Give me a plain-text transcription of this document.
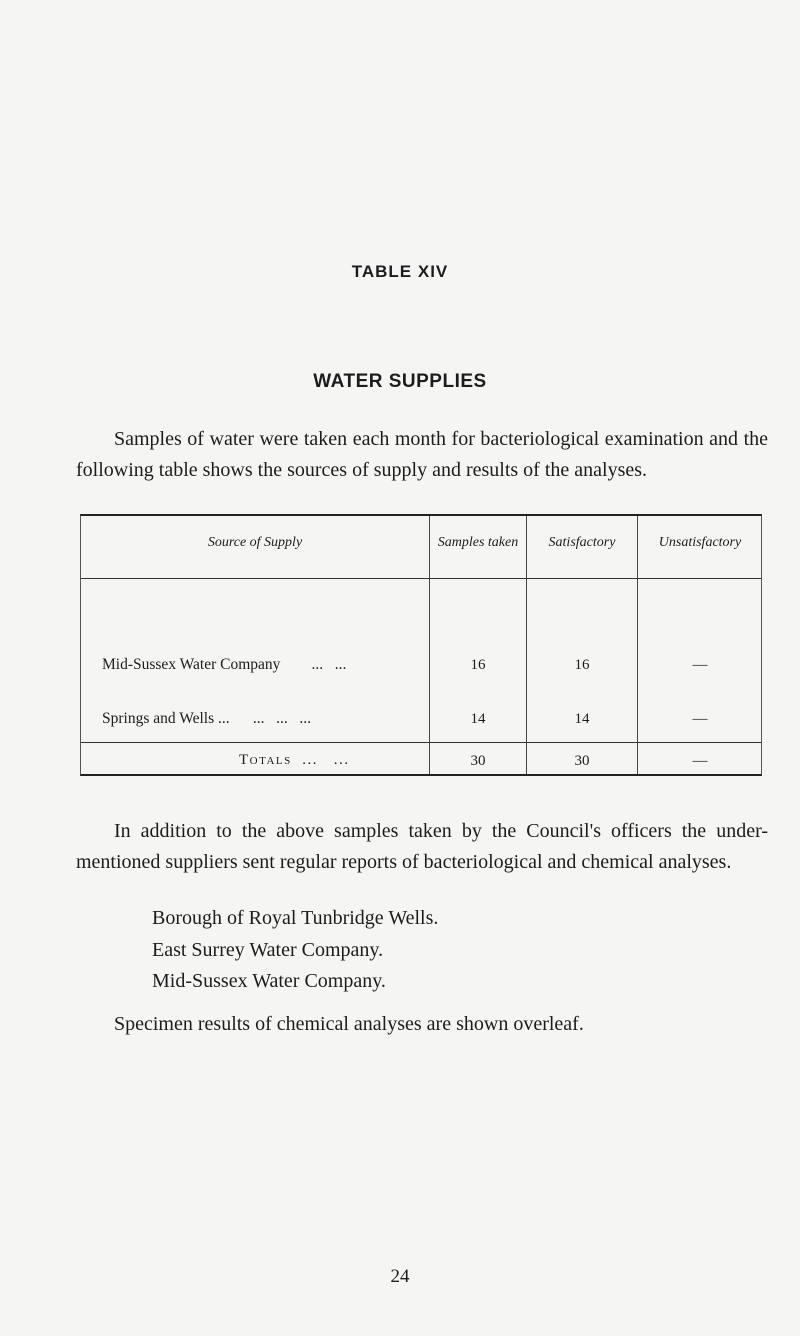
TABLE XIV
WATER SUPPLIES
Samples of water were taken each month for bacteriological examination and the following table shows the sources of supply and results of the analyses.
Source of Supply	Samples taken	Satisfactory	Unsatisfactory
Mid-Sussex Water Company ...   ...	16	16	—
Springs and Wells ... ...   ...   ...	14	14	—
Totals ...   ...	30	30	—
In addition to the above samples taken by the Council's officers the under-mentioned suppliers sent regular reports of bacteriological and chemical analyses.
Borough of Royal Tunbridge Wells.
East Surrey Water Company.
Mid-Sussex Water Company.
Specimen results of chemical analyses are shown overleaf.
24
